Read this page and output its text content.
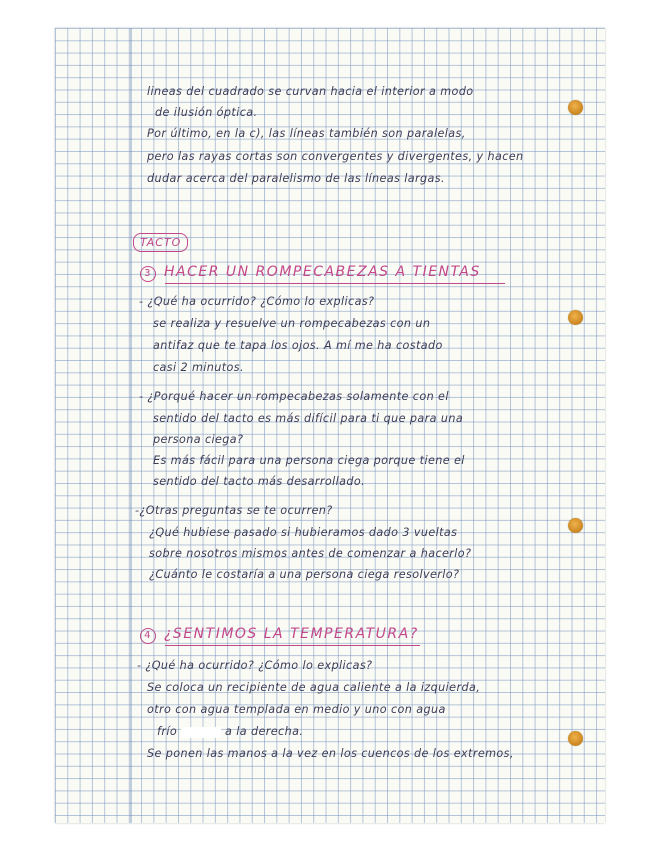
lineas del cuadrado se curvan hacia el interior a modo
de ilusión óptica.
Por último, en la c), las líneas también son paralelas,
pero las rayas cortas son convergentes y divergentes, y hacen
dudar acerca del paralelismo de las líneas largas.
TACTO
3 HACER UN ROMPECABEZAS A TIENTAS
- ¿Qué ha ocurrido? ¿Cómo lo explicas?
se realiza y resuelve un rompecabezas con un
antifaz que te tapa los ojos. A mí me ha costado
casi 2 minutos.
- ¿Porqué hacer un rompecabezas solamente con el
sentido del tacto es más difícil para ti que para una
persona ciega?
Es más fácil para una persona ciega porque tiene el
sentido del tacto más desarrollado.
-¿Otras preguntas se te ocurren?
¿Qué hubiese pasado si hubieramos dado 3 vueltas
sobre nosotros mismos antes de comenzar a hacerlo?
¿Cuánto le costaría a una persona ciega resolverlo?
4 ¿SENTIMOS LA TEMPERATURA?
- ¿Qué ha ocurrido? ¿Cómo lo explicas?
Se coloca un recipiente de agua caliente a la izquierda,
otro con agua templada en medio y uno con agua
frío	a la derecha.
Se ponen las manos a la vez en los cuencos de los extremos,
